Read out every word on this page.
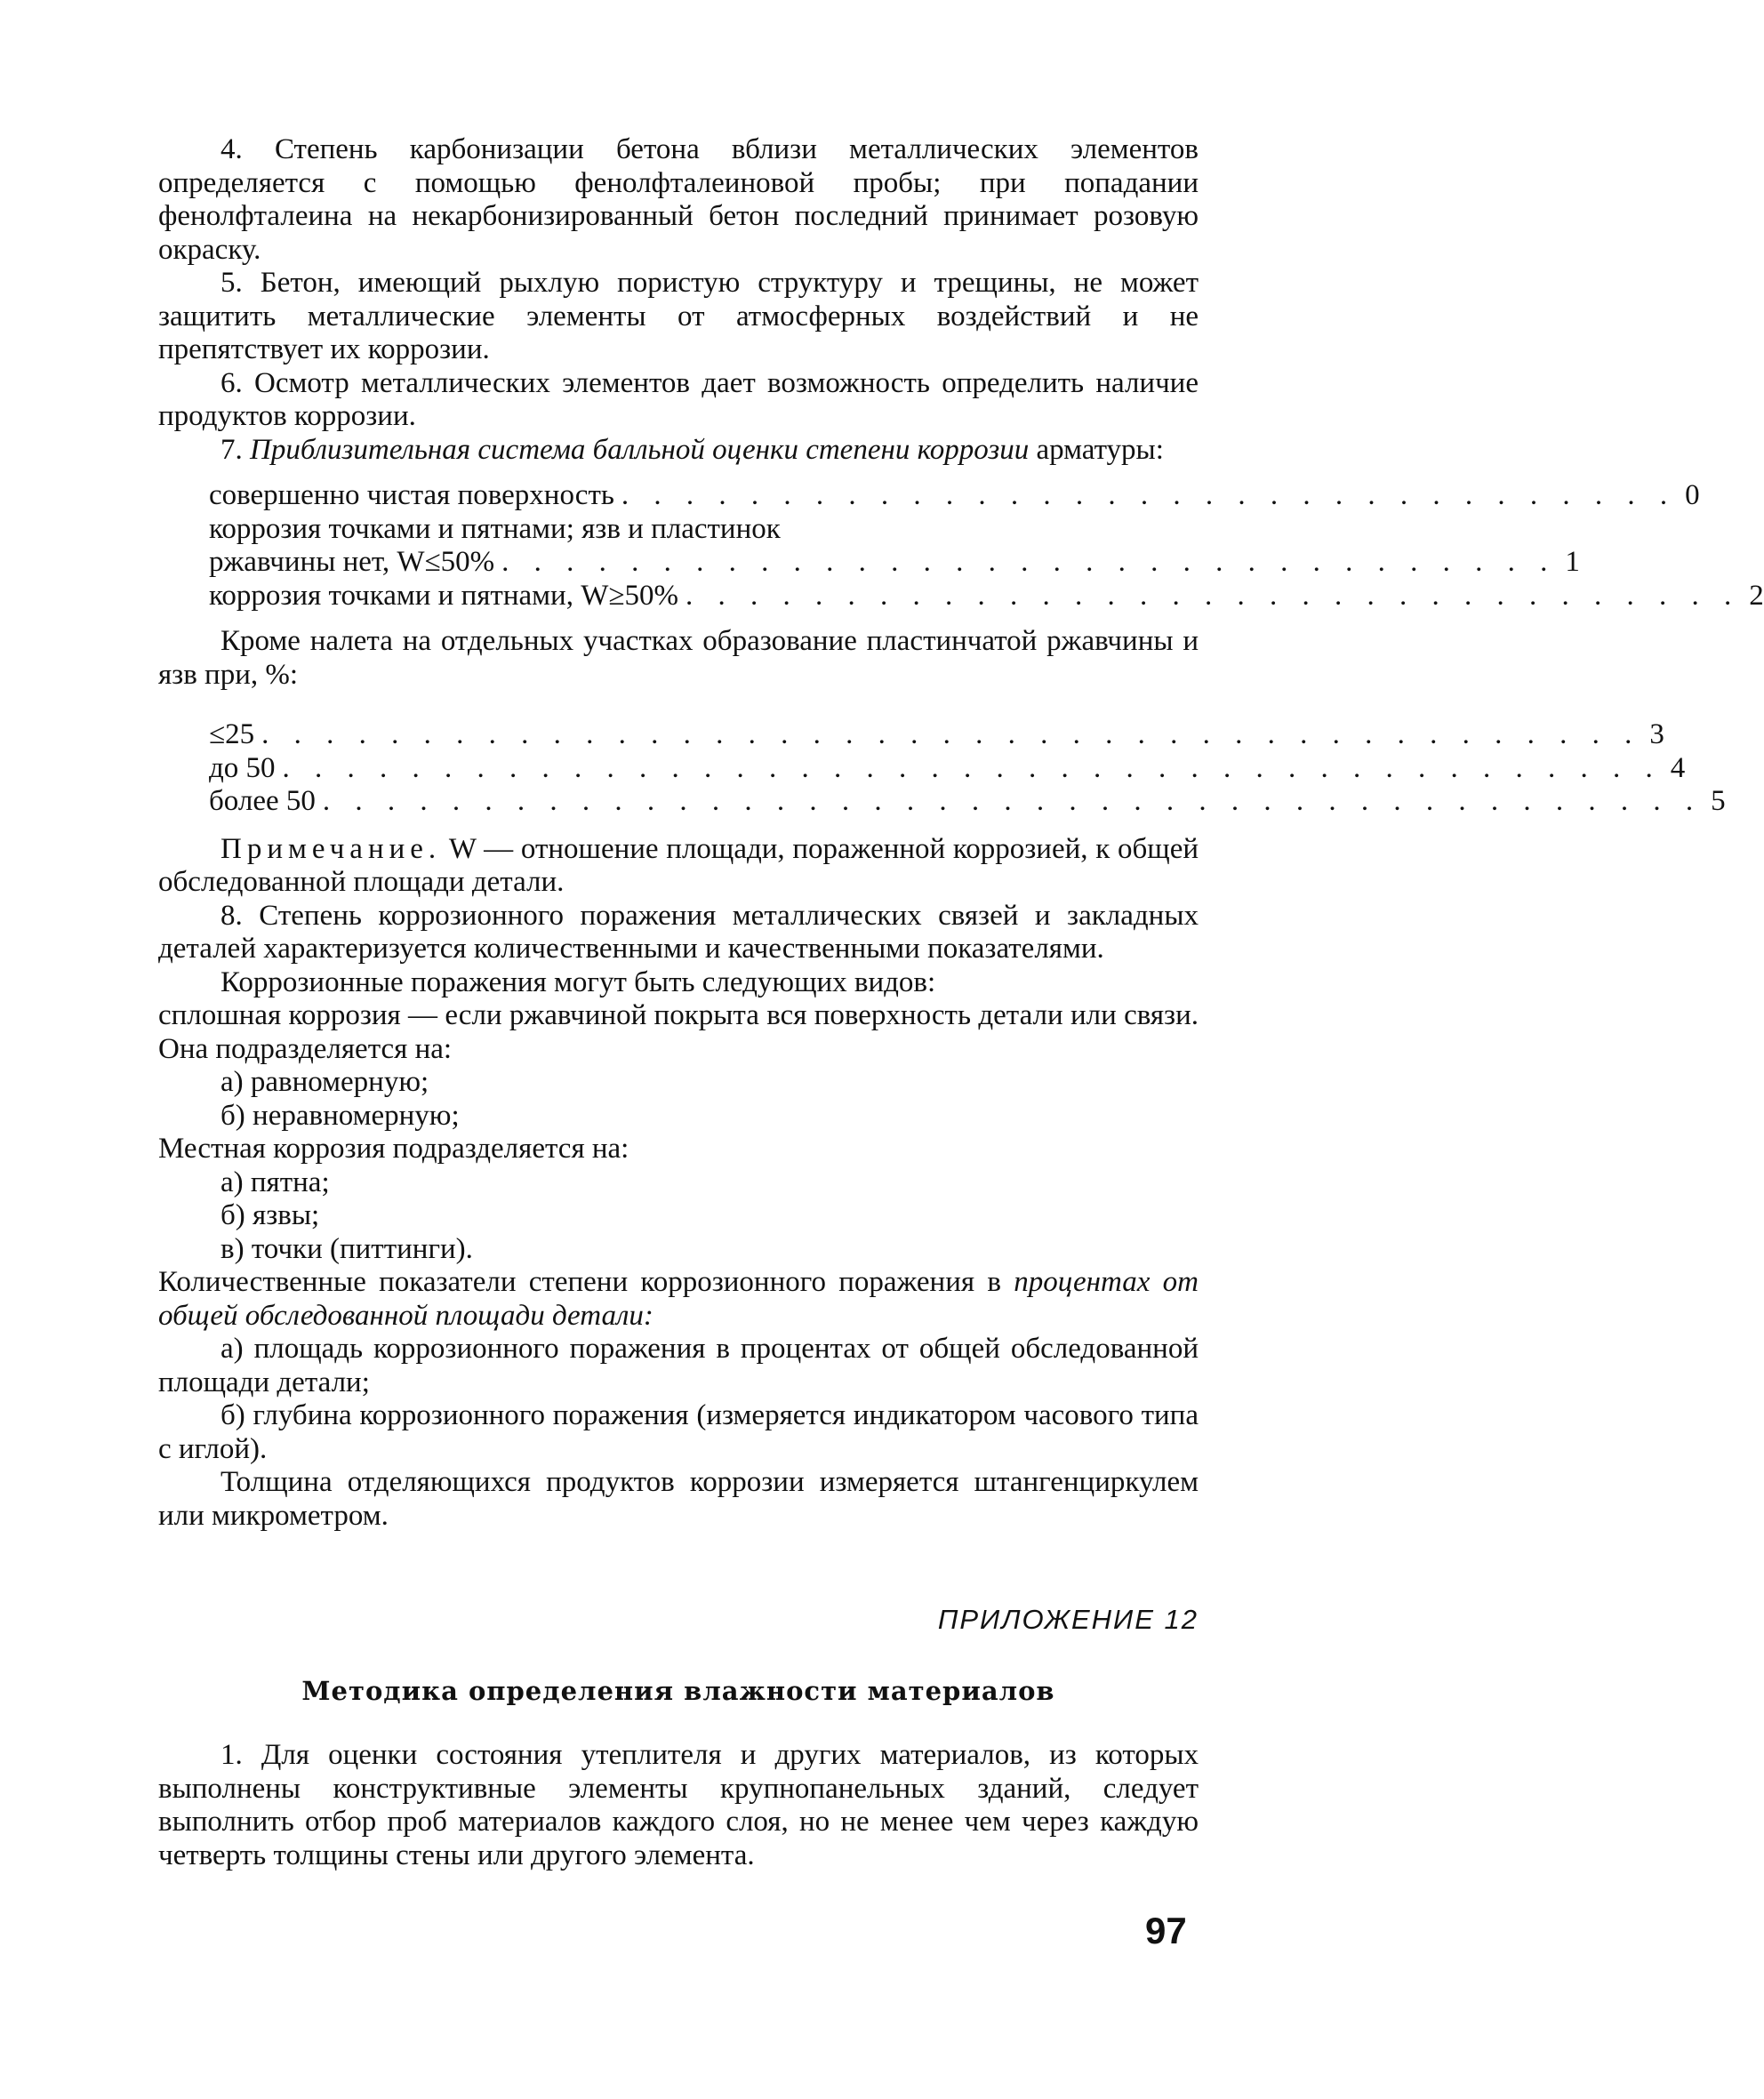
4. Степень карбонизации бетона вблизи металлических элементов определяется с помощью фенолфталеиновой пробы; при попадании фенолфталеина на некарбонизированный бетон последний принимает розовую окраску.

5. Бетон, имеющий рыхлую пористую структуру и трещины, не может защитить металлические элементы от атмосферных воздействий и не препятствует их коррозии.

6. Осмотр металлических элементов дает возможность определить наличие продуктов коррозии.

7. Приблизительная система балльной оценки степени коррозии арматуры:

совершенно чистая поверхность . . . . . . . . . . . . . . . . . . . . . . . . . . . . . . . . . 0

коррозия точками и пятнами; язв и пластинок

ржавчины нет, W≤50% . . . . . . . . . . . . . . . . . . . . . . . . . . . . . . . . . 1
коррозия точками и пятнами, W≥50% . . . . . . . . . . . . . . . . . . . . . . . . . . . . . . . . . 2

Кроме налета на отдельных участках образование пластинчатой ржавчины и язв при, %:

≤25 . . . . . . . . . . . . . . . . . . . . . . . . . . . . . . . . . . . . . . . . . . . 3
до 50 . . . . . . . . . . . . . . . . . . . . . . . . . . . . . . . . . . . . . . . . . . . 4
более 50 . . . . . . . . . . . . . . . . . . . . . . . . . . . . . . . . . . . . . . . . . . . 5

Примечание. W — отношение площади, пораженной коррозией, к общей обследованной площади детали.

8. Степень коррозионного поражения металлических связей и закладных деталей характеризуется количественными и качественными показателями.

Коррозионные поражения могут быть следующих видов:

сплошная коррозия — если ржавчиной покрыта вся поверхность детали или связи. Она подразделяется на:

а) равномерную;

б) неравномерную;

Местная коррозия подразделяется на:

а) пятна;

б) язвы;

в) точки (питтинги).

Количественные показатели степени коррозионного поражения в процентах от общей обследованной площади детали:

а) площадь коррозионного поражения в процентах от общей обследованной площади детали;

б) глубина коррозионного поражения (измеряется индикатором часового типа с иглой).

Толщина отделяющихся продуктов коррозии измеряется штангенциркулем или микрометром.

ПРИЛОЖЕНИЕ 12

Методика определения влажности материалов

1. Для оценки состояния утеплителя и других материалов, из которых выполнены конструктивные элементы крупнопанельных зданий, следует выполнить отбор проб материалов каждого слоя, но не менее чем через каждую четверть толщины стены или другого элемента.

97
